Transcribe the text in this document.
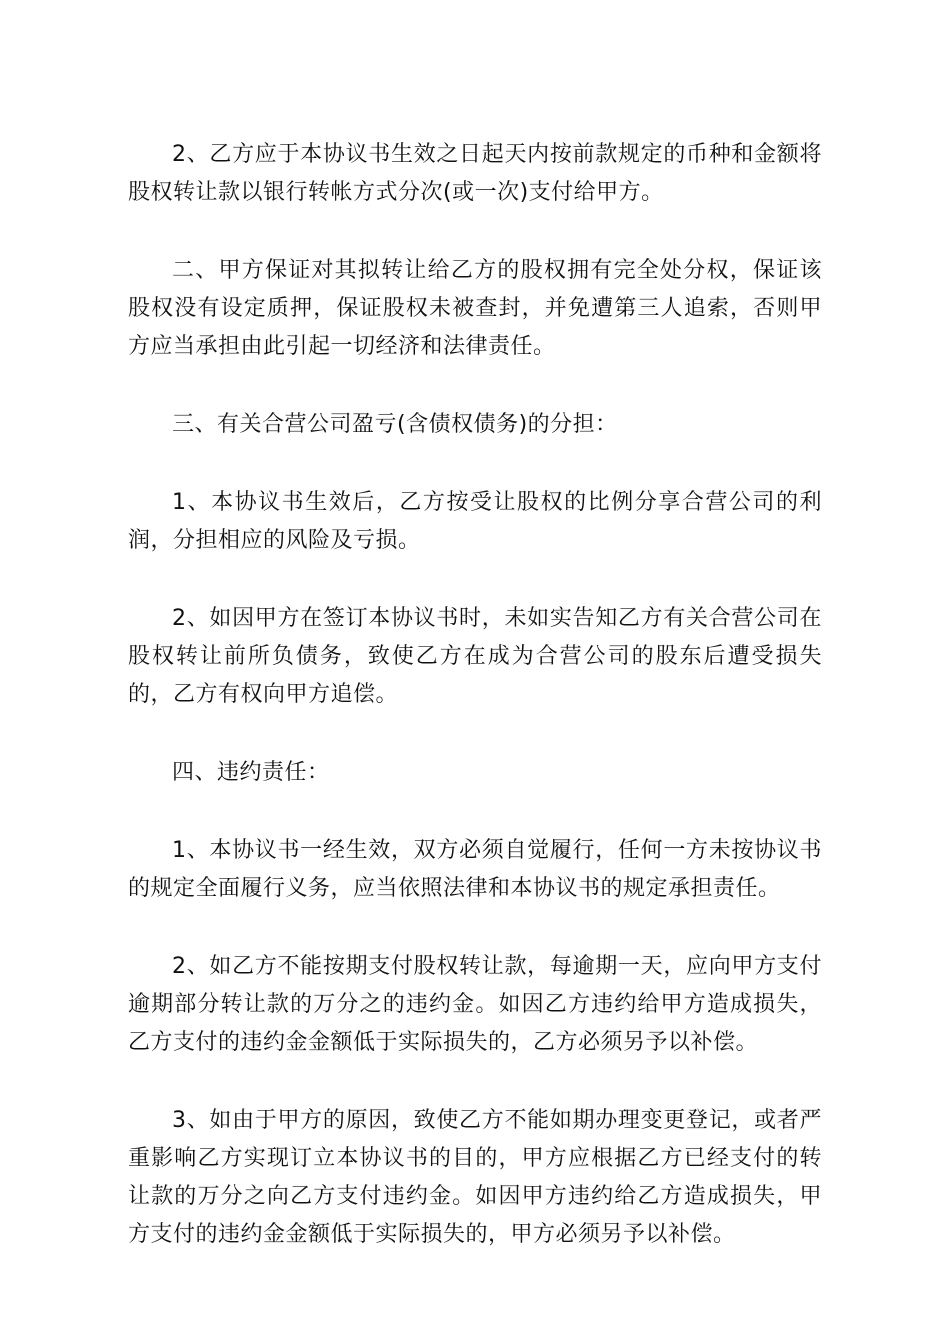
2、乙方应于本协议书生效之日起天内按前款规定的币种和金额将股权转让款以银行转帐方式分次(或一次)支付给甲方。

二、甲方保证对其拟转让给乙方的股权拥有完全处分权，保证该股权没有设定质押，保证股权未被查封，并免遭第三人追索，否则甲方应当承担由此引起一切经济和法律责任。

三、有关合营公司盈亏(含债权债务)的分担：

1、本协议书生效后，乙方按受让股权的比例分享合营公司的利润，分担相应的风险及亏损。

2、如因甲方在签订本协议书时，未如实告知乙方有关合营公司在股权转让前所负债务，致使乙方在成为合营公司的股东后遭受损失的，乙方有权向甲方追偿。

四、违约责任：

1、本协议书一经生效，双方必须自觉履行，任何一方未按协议书的规定全面履行义务，应当依照法律和本协议书的规定承担责任。

2、如乙方不能按期支付股权转让款，每逾期一天，应向甲方支付逾期部分转让款的万分之的违约金。如因乙方违约给甲方造成损失，乙方支付的违约金金额低于实际损失的，乙方必须另予以补偿。

3、如由于甲方的原因，致使乙方不能如期办理变更登记，或者严重影响乙方实现订立本协议书的目的，甲方应根据乙方已经支付的转让款的万分之向乙方支付违约金。如因甲方违约给乙方造成损失，甲方支付的违约金金额低于实际损失的，甲方必须另予以补偿。
